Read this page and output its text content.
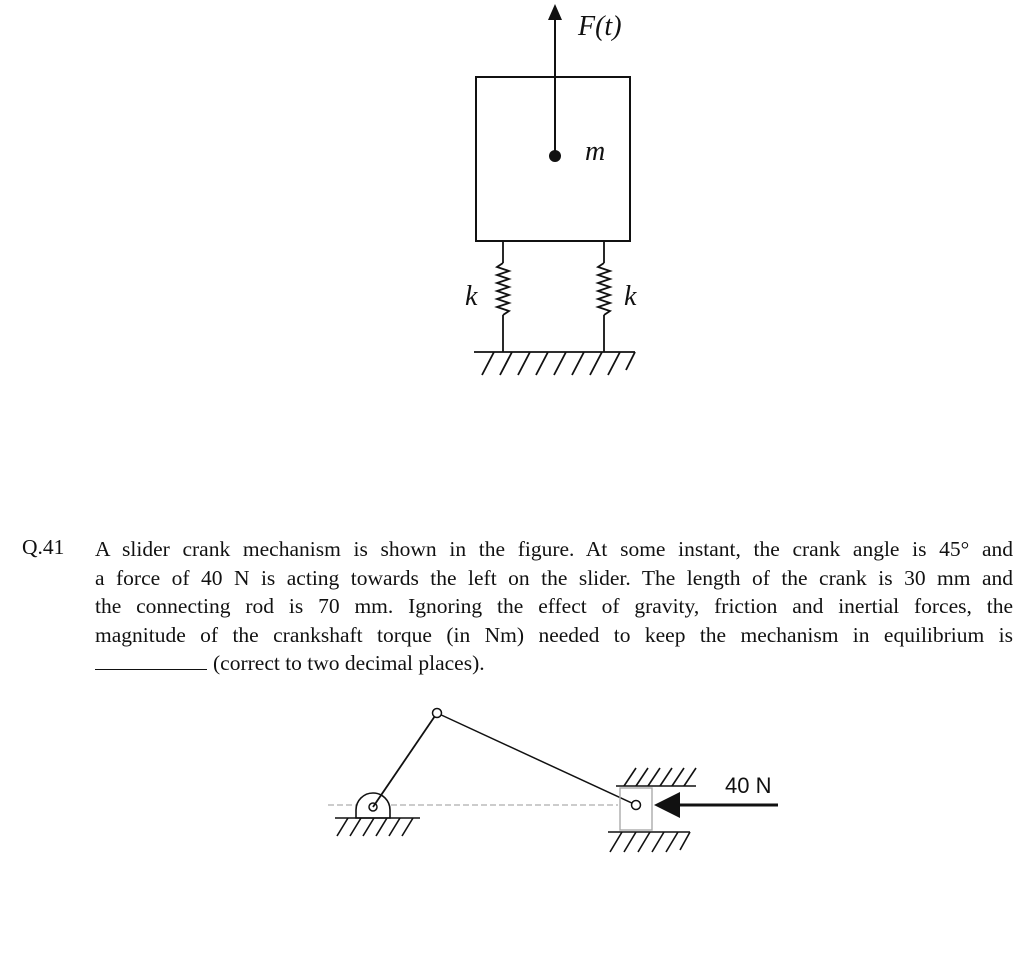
F(t)
m
k	k
Q.41 A slider crank mechanism is shown in the figure. At some instant, the crank angle is 45° and
a force of 40 N is acting towards the left on the slider. The length of the crank is 30 mm and
the connecting rod is 70 mm. Ignoring the effect of gravity, friction and inertial forces, the
magnitude of the crankshaft torque (in Nm) needed to keep the mechanism in equilibrium is
(correct to two decimal places).
40 N
